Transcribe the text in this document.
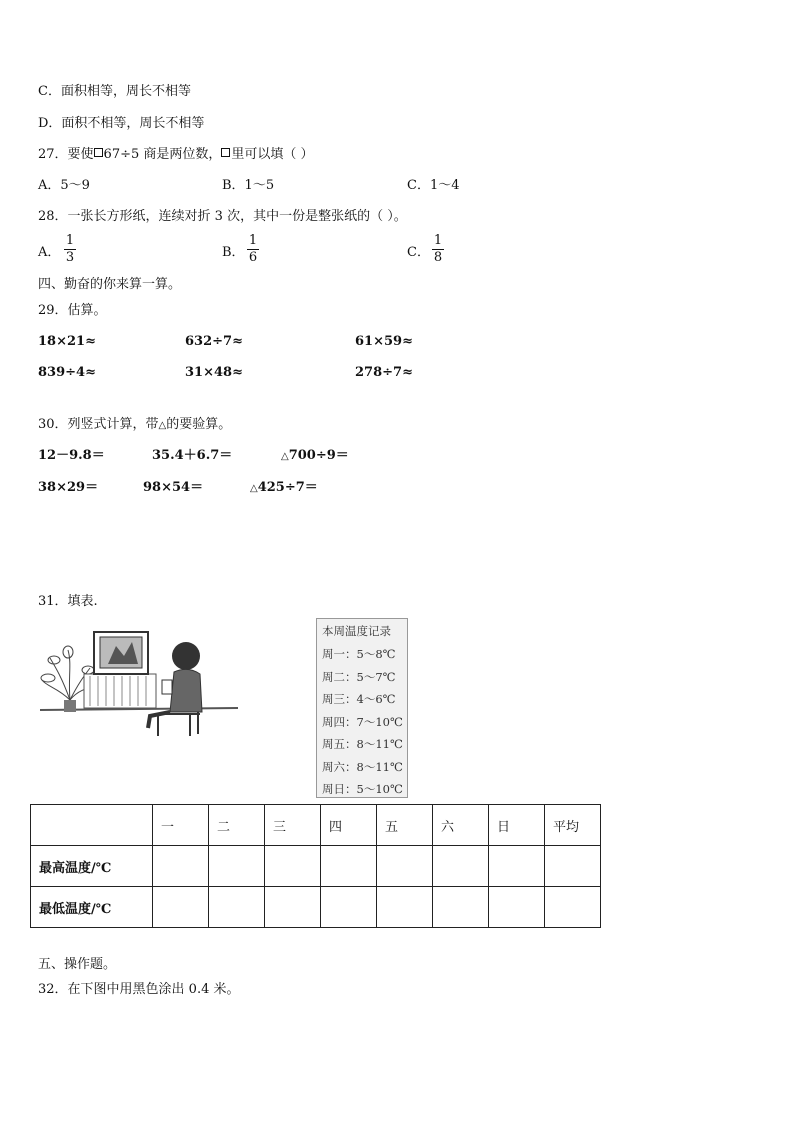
C．面积相等，周长不相等
D．面积不相等，周长不相等
27．要使 67÷5 商是两位数， 里可以填（ ）
A．5～9	B．1～5	C．1～4
28．一张长方形纸，连续对折 3 次，其中一份是整张纸的（ ）。
A．
1
3	B．
1
6	C．
1
8
四、勤奋的你来算一算。
29．估算。
18×21≈	632÷7≈	61×59≈
839÷4≈	31×48≈	278÷7≈
30．列竖式计算，带△的要验算。
12－9.8＝	35.4＋6.7＝	△700÷9＝
38×29＝	98×54＝	△425÷7＝
31．填表.
本周温度记录
周一：5～8℃
周二：5～7℃
周三：4～6℃
周四：7～10℃
周五：8～11℃
周六：8～11℃
周日：5～10℃
	一	二	三	四	五	六	日	平均
最高温度/℃								
最低温度/℃								
五、操作题。
32．在下图中用黑色涂出 0.4 米。
